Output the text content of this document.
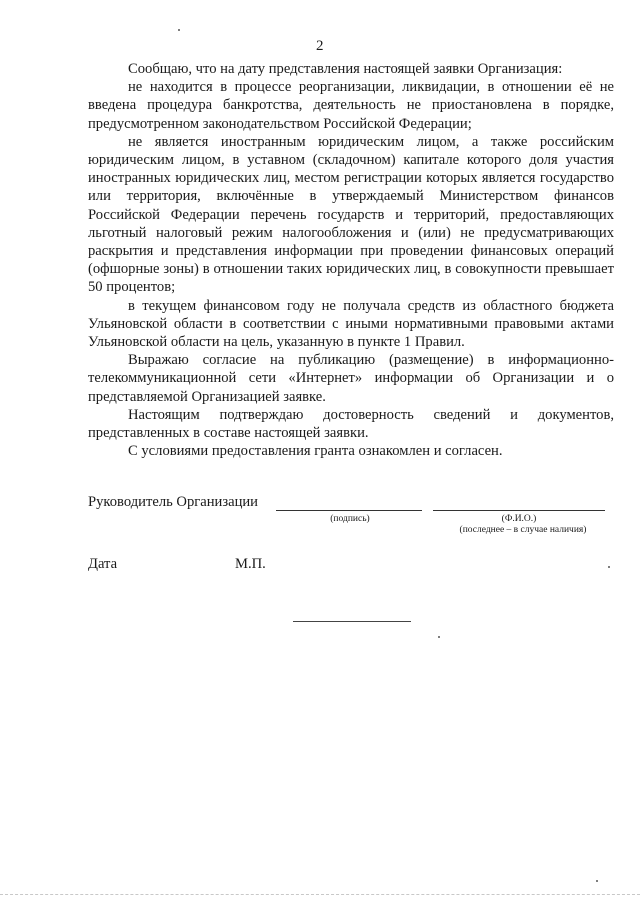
2

Сообщаю, что на дату представления настоящей заявки Организация:

не находится в процессе реорганизации, ликвидации, в отношении её не введена процедура банкротства, деятельность не приостановлена в порядке, предусмотренном законодательством Российской Федерации;

не является иностранным юридическим лицом, а также российским юридическим лицом, в уставном (складочном) капитале которого доля участия иностранных юридических лиц, местом регистрации которых является государство или территория, включённые в утверждаемый Министерством финансов Российской Федерации перечень государств и территорий, предоставляющих льготный налоговый режим налогообложения и (или) не предусматривающих раскрытия и представления информации при проведении финансовых операций (офшорные зоны) в отношении таких юридических лиц, в совокупности превышает 50 процентов;

в текущем финансовом году не получала средств из областного бюджета Ульяновской области в соответствии с иными нормативными правовыми актами Ульяновской области на цель, указанную в пункте 1 Правил.

Выражаю согласие на публикацию (размещение) в информационно-телекоммуникационной сети «Интернет» информации об Организации и о представляемой Организацией заявке.

Настоящим подтверждаю достоверность сведений и документов, представленных в составе настоящей заявки.

С условиями предоставления гранта ознакомлен и согласен.

Руководитель Организации
(подпись)	(Ф.И.О.)
(последнее – в случае наличия)
Дата	М.П.
